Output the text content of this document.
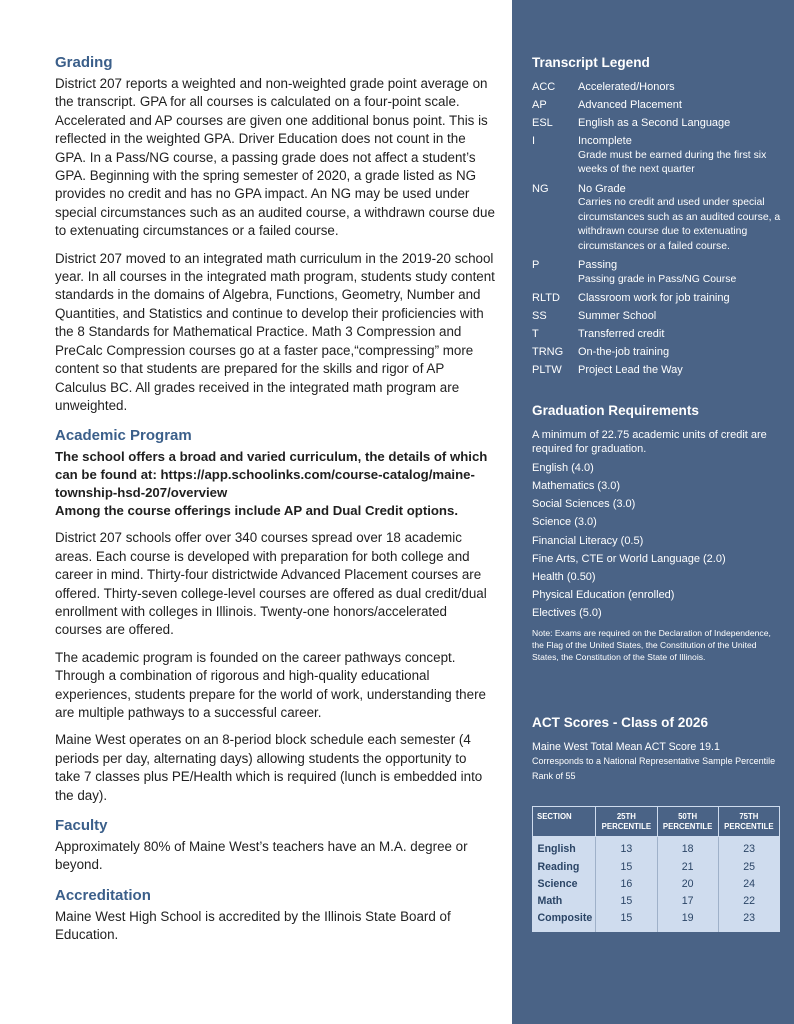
Grading
District 207 reports a weighted and non-weighted grade point average on the transcript. GPA for all courses is calculated on a four-point scale. Accelerated and AP courses are given one additional bonus point. This is reflected in the weighted GPA. Driver Education does not count in the GPA. In a Pass/NG course, a passing grade does not affect a student’s GPA. Beginning with the spring semester of 2020, a grade listed as NG provides no credit and has no GPA impact. An NG may be used under special circumstances such as an audited course, a withdrawn course due to extenuating circumstances or a failed course.
District 207 moved to an integrated math curriculum in the 2019-20 school year. In all courses in the integrated math program, students study content standards in the domains of Algebra, Functions, Geometry, Number and Quantities, and Statistics and continue to develop their proficiencies with the 8 Standards for Mathematical Practice. Math 3 Compression and PreCalc Compression courses go at a faster pace,“compressing” more content so that students are prepared for the skills and rigor of AP Calculus BC. All grades received in the integrated math program are unweighted.
Academic Program
The school offers a broad and varied curriculum, the details of which can be found at: https://app.schoolinks.com/course-catalog/maine-township-hsd-207/overview
Among the course offerings include AP and Dual Credit options.
District 207 schools offer over 340 courses spread over 18 academic areas. Each course is developed with preparation for both college and career in mind. Thirty-four districtwide Advanced Placement courses are offered. Thirty-seven college-level courses are offered as dual credit/dual enrollment with colleges in Illinois. Twenty-one honors/accelerated courses are offered.
The academic program is founded on the career pathways concept. Through a combination of rigorous and high-quality educational experiences, students prepare for the world of work, understanding there are multiple pathways to a successful career.
Maine West operates on an 8-period block schedule each semester (4 periods per day, alternating days) allowing students the opportunity to take 7 classes plus PE/Health which is required (lunch is embedded into the day).
Faculty
Approximately 80% of Maine West’s teachers have an M.A. degree or beyond.
Accreditation
Maine West High School is accredited by the Illinois State Board of Education.
Transcript Legend
ACC	Accelerated/Honors
AP	Advanced Placement
ESL	English as a Second Language
I	Incomplete
Grade must be earned during the first six weeks of the next quarter
NG	No Grade
Carries no credit and used under special circumstances such as an audited course, a withdrawn course due to extenuating circumstances or a failed course.
P	Passing
Passing grade in Pass/NG Course
RLTD	Classroom work for job training
SS	Summer School
T	Transferred credit
TRNG	On-the-job training
PLTW	Project Lead the Way
Graduation Requirements
A minimum of 22.75 academic units of credit are required for graduation.
English (4.0)
Mathematics (3.0)
Social Sciences (3.0)
Science (3.0)
Financial Literacy (0.5)
Fine Arts, CTE or World Language (2.0)
Health (0.50)
Physical Education (enrolled)
Electives (5.0)
Note: Exams are required on the Declaration of Independence, the Flag of the United States, the Constitution of the United States, the Constitution of the State of Illinois.
ACT Scores - Class of 2026
Maine West Total Mean ACT Score 19.1
Corresponds to a National Representative Sample Percentile Rank of 55
SECTION	25TH PERCENTILE	50TH PERCENTILE	75TH PERCENTILE
English	13	18	23
Reading	15	21	25
Science	16	20	24
Math	15	17	22
Composite	15	19	23
